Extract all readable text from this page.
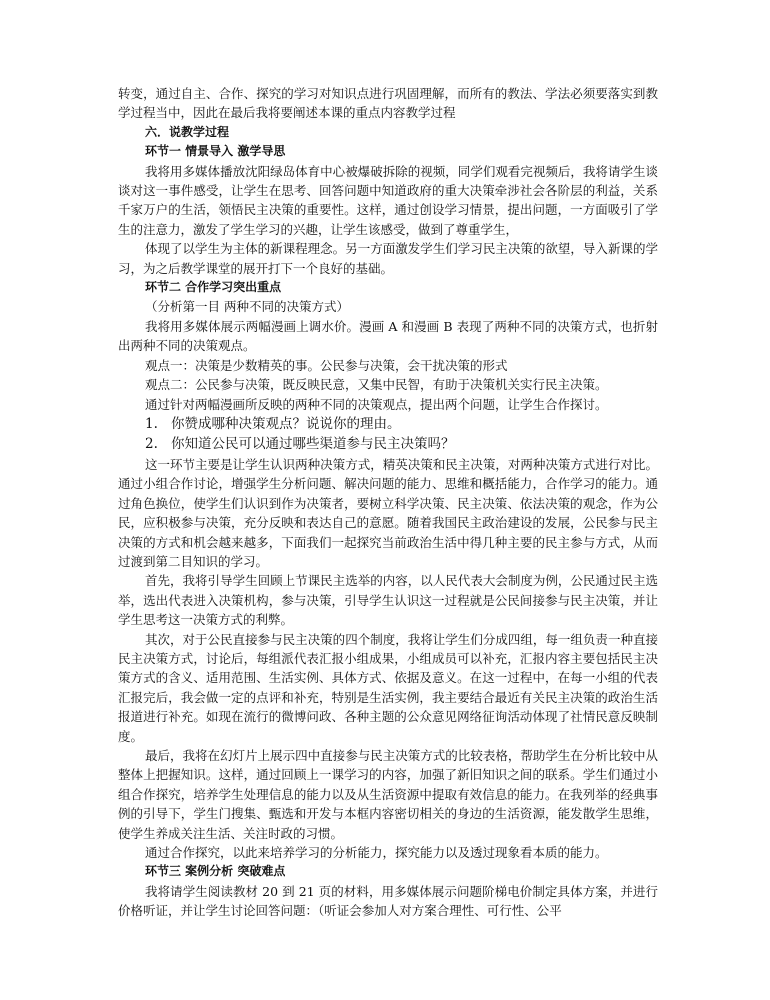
转变，通过自主、合作、探究的学习对知识点进行巩固理解，而所有的教法、学法必须要落实到教学过程当中，因此在最后我将要阐述本课的重点内容教学过程

六．说教学过程

环节一 情景导入 激学导思

我将用多媒体播放沈阳绿岛体育中心被爆破拆除的视频，同学们观看完视频后，我将请学生谈谈对这一事件感受，让学生在思考、回答问题中知道政府的重大决策牵涉社会各阶层的利益，关系千家万户的生活，领悟民主决策的重要性。这样，通过创设学习情景，提出问题，一方面吸引了学生的注意力，激发了学生学习的兴趣，让学生该感受，做到了尊重学生，

体现了以学生为主体的新课程理念。另一方面激发学生们学习民主决策的欲望，导入新课的学习，为之后教学课堂的展开打下一个良好的基础。

环节二 合作学习突出重点

（分析第一目 两种不同的决策方式）

我将用多媒体展示两幅漫画上调水价。漫画 A 和漫画 B 表现了两种不同的决策方式，也折射出两种不同的决策观点。

观点一：决策是少数精英的事。公民参与决策，会干扰决策的形式

观点二：公民参与决策，既反映民意，又集中民智，有助于决策机关实行民主决策。

通过针对两幅漫画所反映的两种不同的决策观点，提出两个问题，让学生合作探讨。

1. 你赞成哪种决策观点？说说你的理由。

2. 你知道公民可以通过哪些渠道参与民主决策吗？

这一环节主要是让学生认识两种决策方式，精英决策和民主决策，对两种决策方式进行对比。通过小组合作讨论，增强学生分析问题、解决问题的能力、思维和概括能力，合作学习的能力。通过角色换位，使学生们认识到作为决策者，要树立科学决策、民主决策、依法决策的观念，作为公民，应积极参与决策，充分反映和表达自己的意愿。随着我国民主政治建设的发展，公民参与民主决策的方式和机会越来越多，下面我们一起探究当前政治生活中得几种主要的民主参与方式，从而过渡到第二目知识的学习。

首先，我将引导学生回顾上节课民主选举的内容，以人民代表大会制度为例，公民通过民主选举，选出代表进入决策机构，参与决策，引导学生认识这一过程就是公民间接参与民主决策，并让学生思考这一决策方式的利弊。

其次，对于公民直接参与民主决策的四个制度，我将让学生们分成四组，每一组负责一种直接民主决策方式，讨论后，每组派代表汇报小组成果，小组成员可以补充，汇报内容主要包括民主决策方式的含义、适用范围、生活实例、具体方式、依据及意义。在这一过程中，在每一小组的代表汇报完后，我会做一定的点评和补充，特别是生活实例，我主要结合最近有关民主决策的政治生活报道进行补充。如现在流行的微博问政、各种主题的公众意见网络征询活动体现了社情民意反映制度。

最后，我将在幻灯片上展示四中直接参与民主决策方式的比较表格，帮助学生在分析比较中从整体上把握知识。这样，通过回顾上一课学习的内容，加强了新旧知识之间的联系。学生们通过小组合作探究，培养学生处理信息的能力以及从生活资源中提取有效信息的能力。在我列举的经典事例的引导下，学生门搜集、甄选和开发与本框内容密切相关的身边的生活资源，能发散学生思维，使学生养成关注生活、关注时政的习惯。

通过合作探究，以此来培养学习的分析能力，探究能力以及透过现象看本质的能力。

环节三 案例分析 突破难点

我将请学生阅读教材 20 到 21 页的材料，用多媒体展示问题阶梯电价制定具体方案，并进行价格听证，并让学生讨论回答问题：（听证会参加人对方案合理性、可行性、公平
